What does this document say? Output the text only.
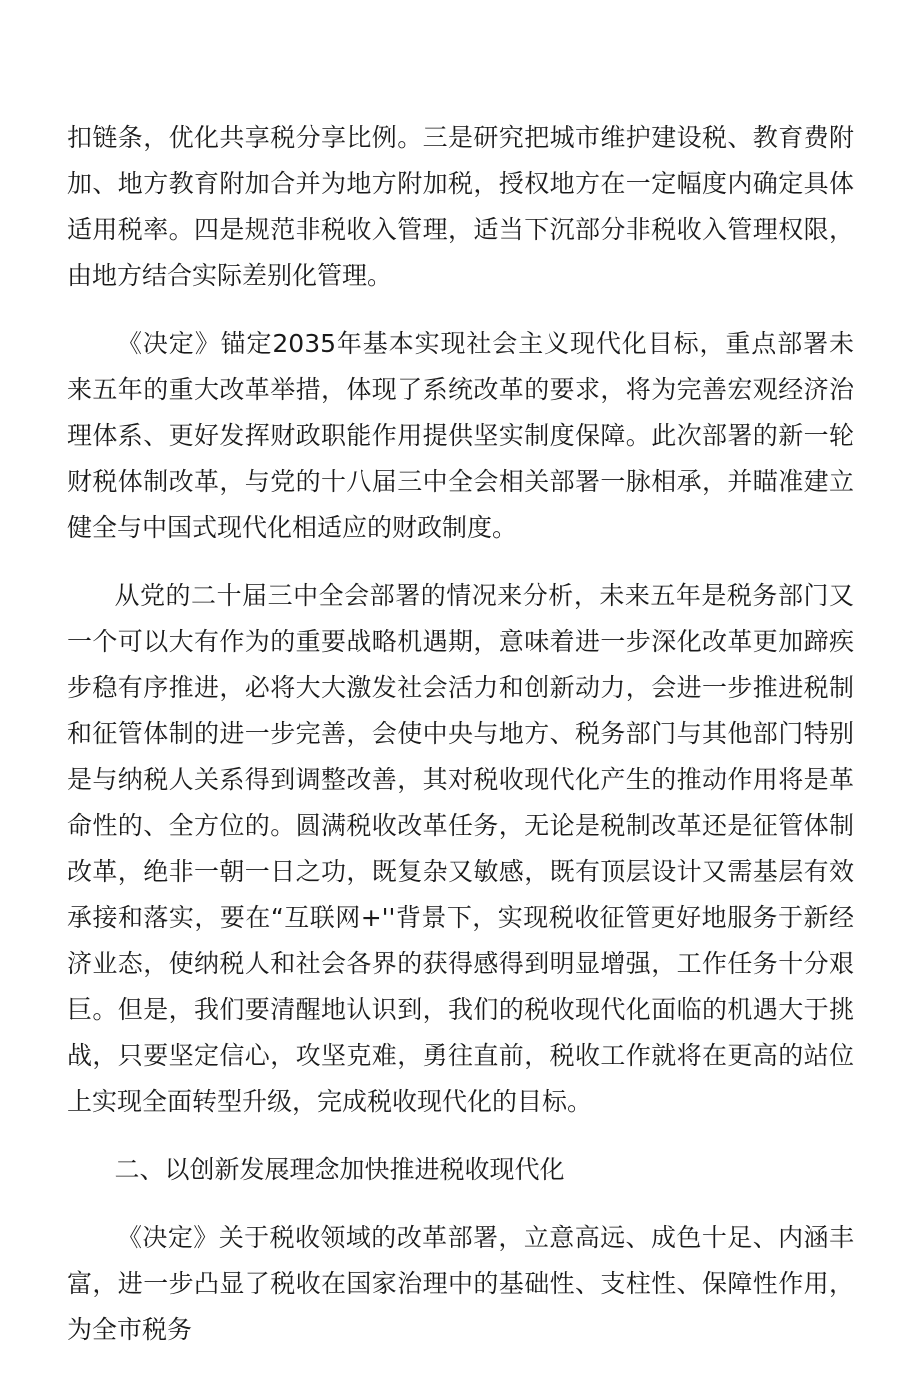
扣链条，优化共享税分享比例。三是研究把城市维护建设税、教育费附加、地方教育附加合并为地方附加税，授权地方在一定幅度内确定具体适用税率。四是规范非税收入管理，适当下沉部分非税收入管理权限，由地方结合实际差别化管理。

《决定》锚定2035年基本实现社会主义现代化目标，重点部署未来五年的重大改革举措，体现了系统改革的要求，将为完善宏观经济治理体系、更好发挥财政职能作用提供坚实制度保障。此次部署的新一轮财税体制改革，与党的十八届三中全会相关部署一脉相承，并瞄准建立健全与中国式现代化相适应的财政制度。

从党的二十届三中全会部署的情况来分析，未来五年是税务部门又一个可以大有作为的重要战略机遇期，意味着进一步深化改革更加蹄疾步稳有序推进，必将大大激发社会活力和创新动力，会进一步推进税制和征管体制的进一步完善，会使中央与地方、税务部门与其他部门特别是与纳税人关系得到调整改善，其对税收现代化产生的推动作用将是革命性的、全方位的。圆满税收改革任务，无论是税制改革还是征管体制改革，绝非一朝一日之功，既复杂又敏感，既有顶层设计又需基层有效承接和落实，要在“互联网+''背景下，实现税收征管更好地服务于新经济业态，使纳税人和社会各界的获得感得到明显增强，工作任务十分艰巨。但是，我们要清醒地认识到，我们的税收现代化面临的机遇大于挑战，只要坚定信心，攻坚克难，勇往直前，税收工作就将在更高的站位上实现全面转型升级，完成税收现代化的目标。

二、以创新发展理念加快推进税收现代化

《决定》关于税收领域的改革部署，立意高远、成色十足、内涵丰富，进一步凸显了税收在国家治理中的基础性、支柱性、保障性作用，为全市税务
